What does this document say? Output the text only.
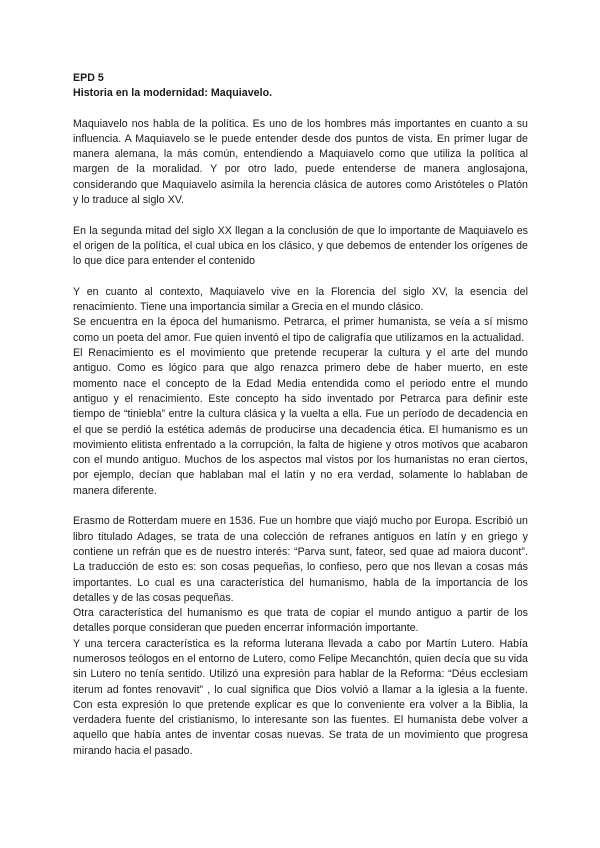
EPD 5
Historia en la modernidad: Maquiavelo.

Maquiavelo nos habla de la política. Es uno de los hombres más importantes en cuanto a su influencia. A Maquiavelo se le puede entender desde dos puntos de vista. En primer lugar de manera alemana, la más común, entendiendo a Maquiavelo como que utiliza la política al margen de la moralidad. Y por otro lado, puede entenderse de manera anglosajona, considerando que Maquiavelo asimila la herencia clásica de autores como Aristóteles o Platón y lo traduce al siglo XV.

En la segunda mitad del siglo XX llegan a la conclusión de que lo importante de Maquiavelo es el origen de la política, el cual ubica en los clásico, y que debemos de entender los orígenes de lo que dice para entender el contenido

Y en cuanto al contexto, Maquiavelo vive en la Florencia del siglo XV, la esencia del renacimiento. Tiene una importancia similar a Grecia en el mundo clásico.

Se encuentra en la época del humanismo. Petrarca, el primer humanista, se veía a sí mismo como un poeta del amor. Fue quien inventó el tipo de caligrafía que utilizamos en la actualidad.

El Renacimiento es el movimiento que pretende recuperar la cultura y el arte del mundo antiguo. Como es lógico para que algo renazca primero debe de haber muerto, en este momento nace el concepto de la Edad Media entendida como el periodo entre el mundo antiguo y el renacimiento. Este concepto ha sido inventado por Petrarca para definir este tiempo de “tiniebla” entre la cultura clásica y la vuelta a ella. Fue un período de decadencia en el que se perdió la estética además de producirse una decadencia ética. El humanismo es un movimiento elitista enfrentado a la corrupción, la falta de higiene y otros motivos que acabaron con el mundo antiguo. Muchos de los aspectos mal vistos por los humanistas no eran ciertos, por ejemplo, decían que hablaban mal el latín y no era verdad, solamente lo hablaban de manera diferente.

Erasmo de Rotterdam muere en 1536. Fue un hombre que viajó mucho por Europa. Escribió un libro titulado Adages, se trata de una colección de refranes antiguos en latín y en griego y contiene un refrán que es de nuestro interés: “Parva sunt, fateor, sed quae ad maiora ducont”. La traducción de esto es: son cosas pequeñas, lo confieso, pero que nos llevan a cosas más importantes. Lo cual es una característica del humanismo, habla de la importancia de los detalles y de las cosas pequeñas.

Otra característica del humanismo es que trata de copiar el mundo antiguo a partir de los detalles porque consideran que pueden encerrar información importante.

Y una tercera característica es la reforma luterana llevada a cabo por Martín Lutero. Había numerosos teólogos en el entorno de Lutero, como Felipe Mecanchtón, quien decía que su vida sin Lutero no tenía sentido. Utilizó una expresión para hablar de la Reforma: “Déus ecclesiam iterum ad fontes renovavit” , lo cual significa que Dios volvió a llamar a la iglesia a la fuente. Con esta expresión lo que pretende explicar es que lo conveniente era volver a la Biblia, la verdadera fuente del cristianismo, lo interesante son las fuentes. El humanista debe volver a aquello que había antes de inventar cosas nuevas. Se trata de un movimiento que progresa mirando hacia el pasado.
